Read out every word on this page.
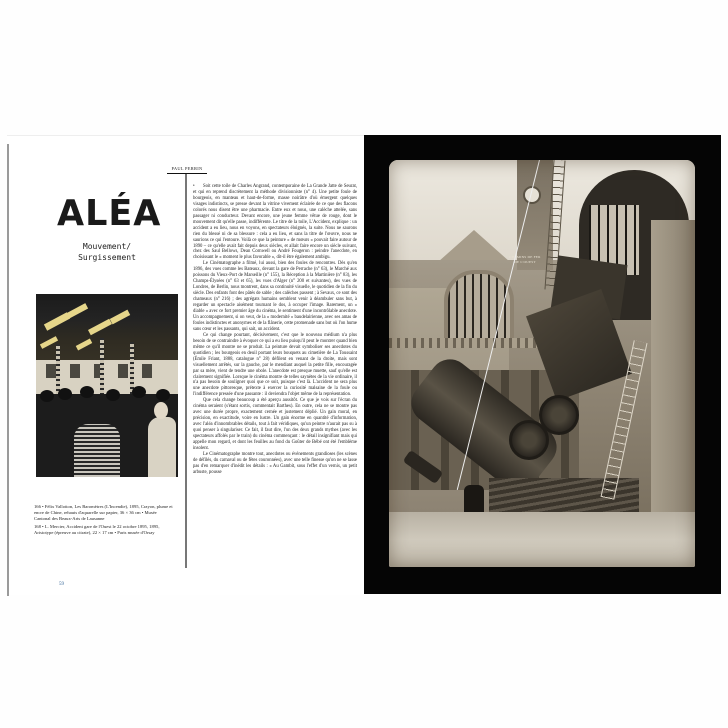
ALÉA
Mouvement/
Surgissement
166 • Félix Vallotton, Les Baromètres (L'Incendie), 1895, Crayon, plume et encre de Chine, rehauts d'aquarelle sur papier, 36 × 36 cm • Musée Cantonal des Beaux-Arts de Lausanne
168 • L. Mercier, Accident gare de l'Ouest le 22 octobre 1895, 1895, Aristotype (épreuve au citrate), 22 × 17 cm • Paris musée d'Orsay
59
PAUL PERRIN

• Soit cette toile de Charles Angrand, contemporaine de La Grande Jatte de Seurat, et qui en reprend discrètement la méthode divisionniste (n° 4). Une petite foule de bourgeois, en manteau et haut-de-forme, masse noirâtre d'où émergent quelques visages indistincts, se presse devant la vitrine vivement éclairée de ce que des flacons colorés nous disent être une pharmacie. Entre eux et nous, une calèche attelée, sans passager ni conducteur. Devant encore, une jeune femme vêtue de rouge, dont le mouvement dit qu'elle passe, indifférente. Le titre de la toile, L'Accident, explique : un accident a eu lieu, nous en voyons, en spectateurs éloignés, la suite. Nous ne saurons rien du blessé ni de sa blessure : cela a eu lieu, et sans la titre de l'œuvre, nous ne saurions ce qui l'entoure. Voilà ce que la peinture « de mœurs » pouvait faire autour de 1890 – ce qu'elle avait fait depuis deux siècles, et allait faire encore un siècle suivant, chez des Saul Bellows, Dean Cornwell ou André Fougeron : peindre l'anecdote, en choisissant le « moment le plus favorable », dit-il être également ambigu.

Le Cinématographe a filmé, lui aussi, bien des foules de rencontres. Dès qu'en 1896, des vues comme les Bateaux, devant la gare de Perrache (n° 63), le Marché aux poissons du Vieux-Port de Marseille (n° 155), la Réception à la Martinière (n° 83), les Champs-Élysées (n° 63 et 65), les vues d'Alger (n° 200 et suivantes), des vues de Londres, de Berlin, nous montrent, dans sa continuité visuelle, le quotidien de la fin du siècle. Des enfants font des pâtés de sable ; des calèches passent ; à Sevaux, ce sont des chameaux (n° 216) ; des agrégats humains semblent venir à déambuler sans but, à regarder un spectacle aisément tournant le dos, à occuper l'image. Rarement, un « diable » avec ce fort premier âge du cinéma, le sentiment d'une incontrôlable anecdote. Un accompagnement, si on veut, de la « modernité » baudelairienne, avec ses amas de foules indistinctes et anonymes et de la flânerie, cette promenade sans but où l'on hume sans cœur et les passants, qui sait, un accident.

Ce qui change pourtant, décisivement, c'est que le nouveau médium n'a plus besoin de se contraindre à évoquer ce qui a eu lieu puisqu'il peut le montrer quand bien même ce qu'il montre ne se produit. La peinture devait symboliser ses anecdotes du quotidien ; les bourgeois en deuil portant leurs bouquets au cimetière de La Toussaint (Émile Friant, 1888, catalogue n° 28) défilent en venant de la droite, mais sont visuellement arrêtés, sur la gauche, par le mendiant auquel la petite fille, encouragée par sa mère, vient de tendre une obole. L'anecdote est presque muette, sauf qu'elle est clairement signifiée. Lorsque le cinéma montre de telles saynètes de la vie ordinaire, il n'a pas besoin de souligner quoi que ce soit, puisque c'est là. L'accident ne sera plus une anecdote pittoresque, prétexte à exercer la curiosité malsaine de la foule ou l'indifférence pressée d'une passante : il deviendra l'objet même de la représentation.

Que cela change beaucoup a été aperçu aussitôt. Ce que je vois sur l'écran du cinéma seraient (s'étant sortis, commentait Barthes). En outre, cela ne se montre pas avec une durée propre, exactement cernée et justement déplié. Un gain moral, en précision, en exactitude, voire en lustre. Un gain énorme en quantité d'information, avec l'aléa d'innombrables détails, tout à fait véridiques, qu'un peintre n'aurait pas su à quoi penser à singulariser. Ce fait, il faut dire, l'un des deux grands mythes (avec les spectateurs affolés par le train) du cinéma commençant : le détail insignifiant mais qui appelle mon regard, et dont les feuilles au fond du Goûter de Bébé ont été l'emblème insolent.

Le Cinématographe montre tout, anecdotes ou événements grandioses (les scènes de défilés, du carnaval ou de fêtes couronnées), avec une telle finesse qu'on ne se lasse pas d'en remarquer d'inédit les détails : « Au Gambit, sous l'effet d'un vernis, un petit arbuste, pousse

CHEMINS DE FER
DE L'OUEST
